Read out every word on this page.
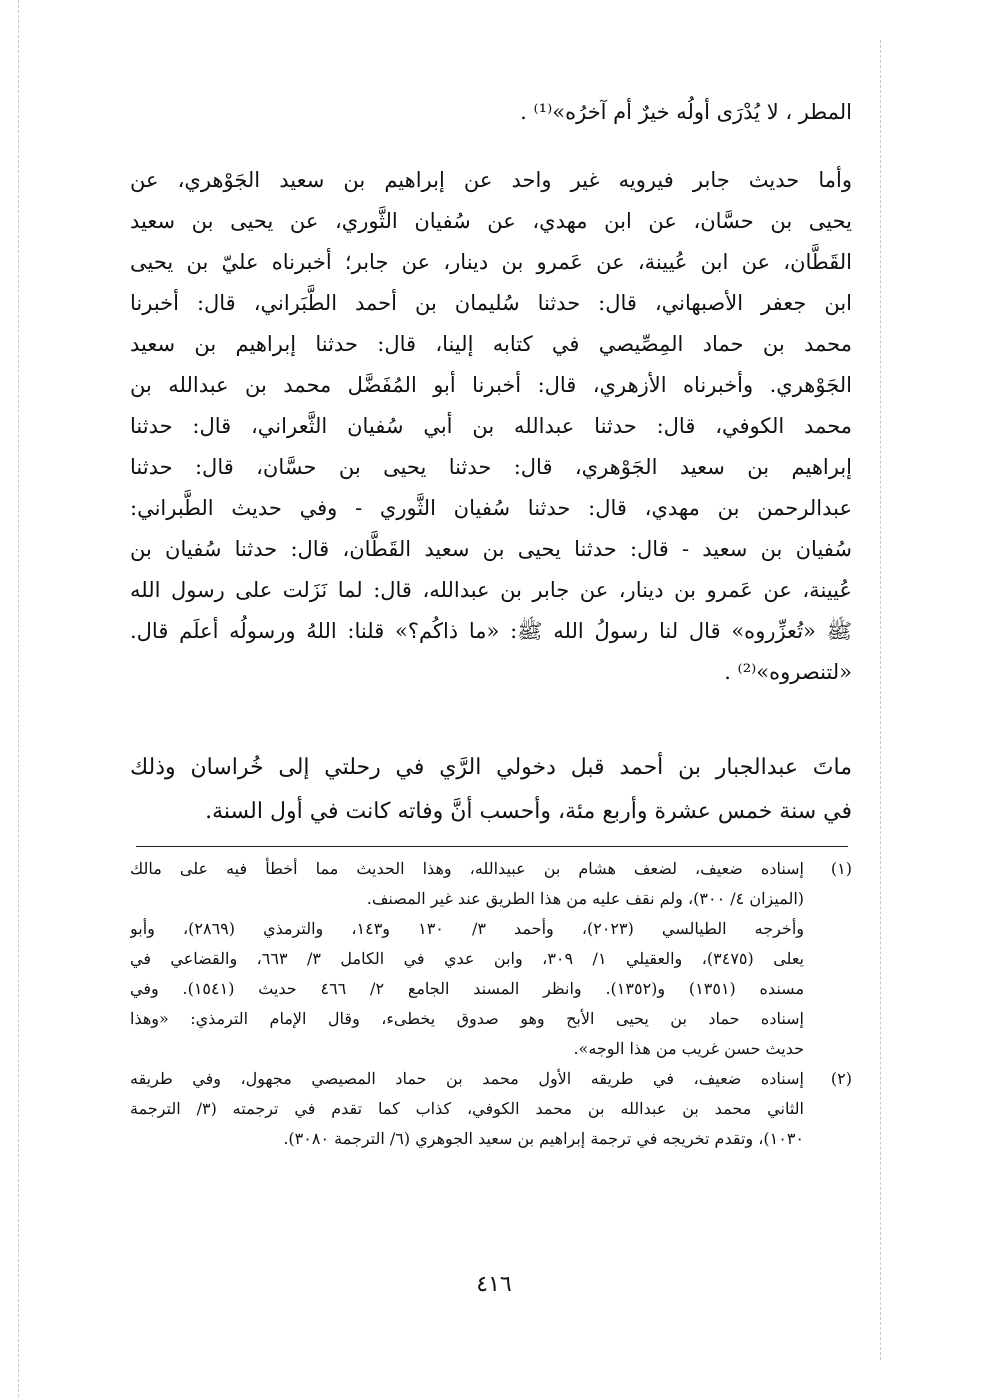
المطر ، لا يُدْرَى أولُه خيرٌ أم آخرُه»⁽¹⁾ .
وأما حديث جابر فيرويه غير واحد عن إبراهيم بن سعيد الجَوْهري، عن
يحيى بن حسَّان، عن ابن مهدي، عن سُفيان الثَّوري، عن يحيى بن سعيد
القَطَّان، عن ابن عُيينة، عن عَمرو بن دينار، عن جابر؛ أخبرناه عليّ بن يحيى
ابن جعفر الأصبهاني، قال: حدثنا سُليمان بن أحمد الطَّبَراني، قال: أخبرنا
محمد بن حماد المِصِّيصي في كتابه إلينا، قال: حدثنا إبراهيم بن سعيد
الجَوْهري. وأخبرناه الأزهري، قال: أخبرنا أبو المُفَضَّل محمد بن عبدالله بن
محمد الكوفي، قال: حدثنا عبدالله بن أبي سُفيان الثَّعراني، قال: حدثنا
إبراهيم بن سعيد الجَوْهري، قال: حدثنا يحيى بن حسَّان، قال: حدثنا
عبدالرحمن بن مهدي، قال: حدثنا سُفيان الثَّوري - وفي حديث الطَّبراني:
سُفيان بن سعيد - قال: حدثنا يحيى بن سعيد القَطَّان، قال: حدثنا سُفيان بن
عُيينة، عن عَمرو بن دينار، عن جابر بن عبدالله، قال: لما نَزَلت على رسول الله
ﷺ «تُعزِّروه» قال لنا رسولُ الله ﷺ: «ما ذاكُم؟» قلنا: اللهُ ورسولُه أعلَم قال.
«لتنصروه»⁽²⁾ .
ماتَ عبدالجبار بن أحمد قبل دخولي الرَّي في رحلتي إلى خُراسان وذلك
في سنة خمس عشرة وأربع مئة، وأحسب أنَّ وفاته كانت في أول السنة.
(١)إسناده ضعيف، لضعف هشام بن عبيدالله، وهذا الحديث مما أخطأ فيه على مالك
(الميزان ٤/ ٣٠٠)، ولم نقف عليه من هذا الطريق عند غير المصنف.
وأخرجه الطيالسي (٢٠٢٣)، وأحمد ٣/ ١٣٠ و١٤٣، والترمذي (٢٨٦٩)، وأبو
يعلى (٣٤٧٥)، والعقيلي ١/ ٣٠٩، وابن عدي في الكامل ٣/ ٦٦٣، والقضاعي في
مسنده (١٣٥١) و(١٣٥٢). وانظر المسند الجامع ٢/ ٤٦٦ حديث (١٥٤١). وفي
إسناده حماد بن يحيى الأبح وهو صدوق يخطىء، وقال الإمام الترمذي: «وهذا
حديث حسن غريب من هذا الوجه».
(٢)إسناده ضعيف، في طريقه الأول محمد بن حماد المصيصي مجهول، وفي طريقه
الثاني محمد بن عبدالله بن محمد الكوفي، كذاب كما تقدم في ترجمته (٣/ الترجمة
١٠٣٠)، وتقدم تخريجه في ترجمة إبراهيم بن سعيد الجوهري (٦/ الترجمة ٣٠٨٠).
٤١٦
